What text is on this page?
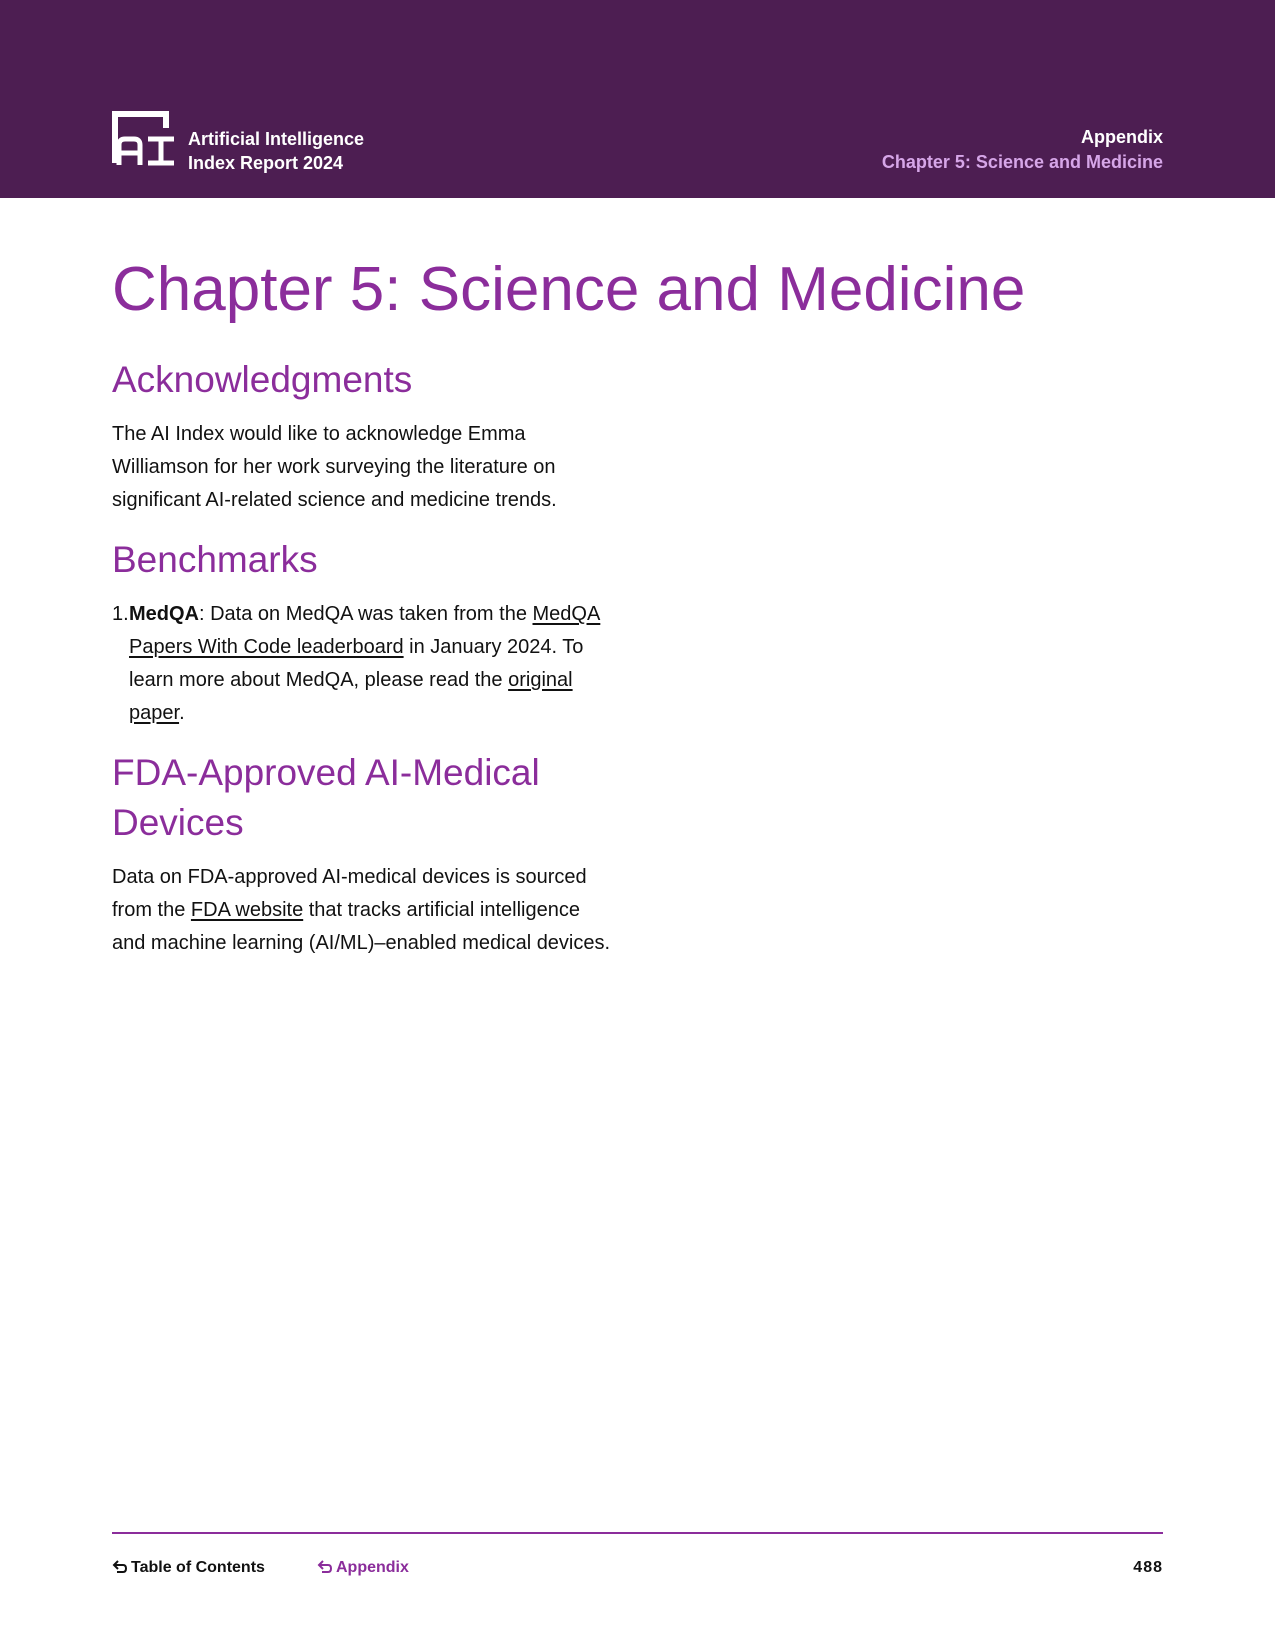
Artificial Intelligence
Index Report 2024
Appendix
Chapter 5: Science and Medicine
Chapter 5: Science and Medicine
Acknowledgments

The AI Index would like to acknowledge Emma Williamson for her work surveying the literature on significant AI-related science and medicine trends.

Benchmarks
1. MedQA: Data on MedQA was taken from the MedQA Papers With Code leaderboard in January 2024. To learn more about MedQA, please read the original paper.
FDA-Approved AI-Medical Devices

Data on FDA-approved AI-medical devices is sourced from the FDA website that tracks artificial intelligence and machine learning (AI/ML)–enabled medical devices.

Table of Contents	Appendix	488
